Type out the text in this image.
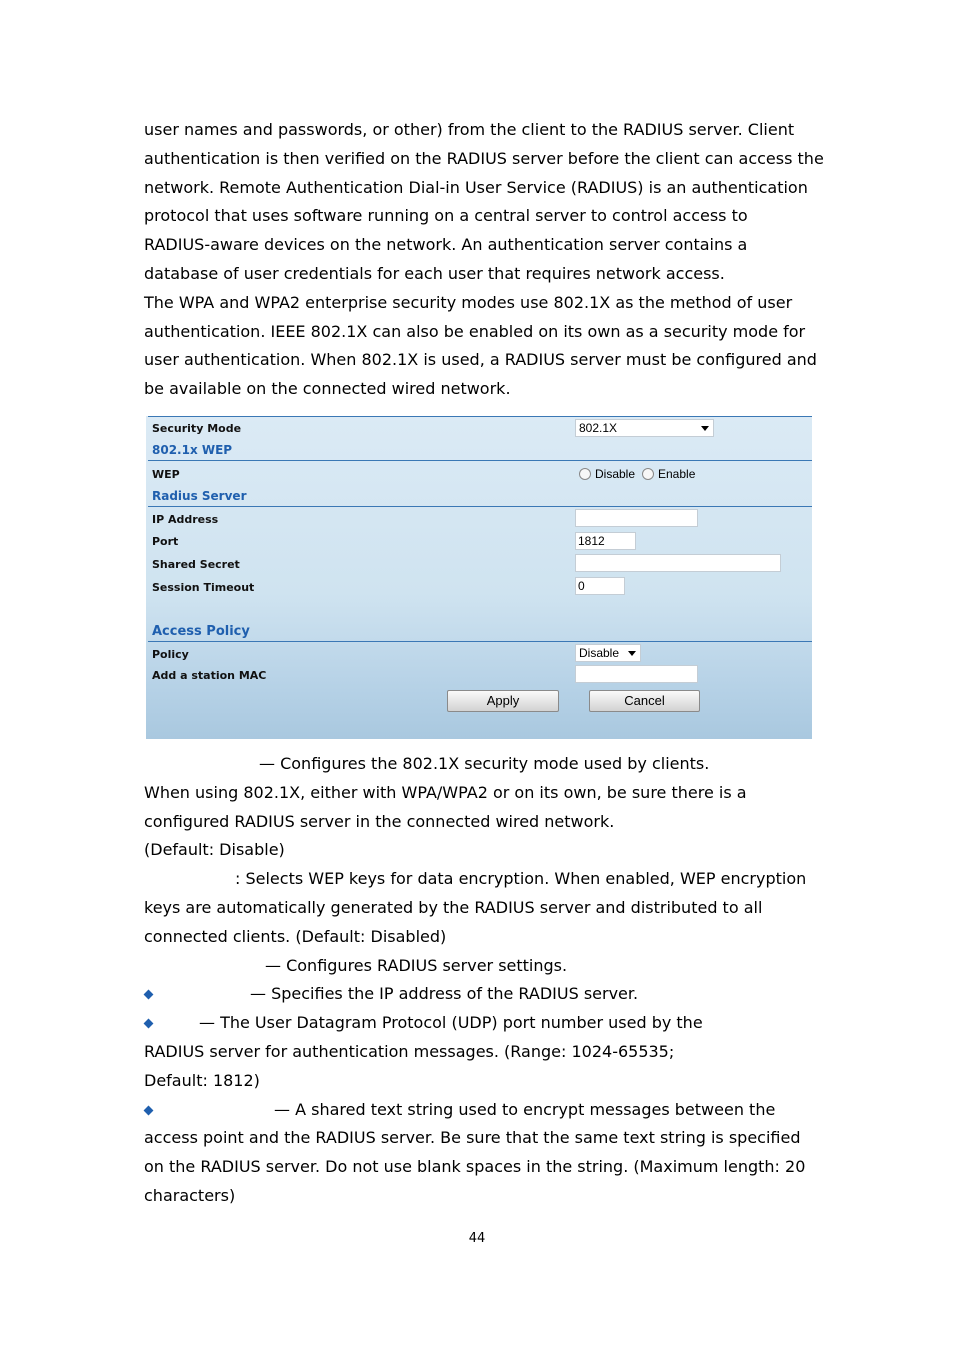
user names and passwords, or other) from the client to the RADIUS server. Client
authentication is then verified on the RADIUS server before the client can access the
network. Remote Authentication Dial-in User Service (RADIUS) is an authentication
protocol that uses software running on a central server to control access to
RADIUS-aware devices on the network. An authentication server contains a
database of user credentials for each user that requires network access.
The WPA and WPA2 enterprise security modes use 802.1X as the method of user
authentication. IEEE 802.1X can also be enabled on its own as a security mode for
user authentication. When 802.1X is used, a RADIUS server must be configured and
be available on the connected wired network.
Security Mode	802.1X
802.1x WEP
WEP	Disable Enable
Radius Server
IP Address
Port	1812
Shared Secret
Session Timeout	0
Access Policy
Policy	Disable
Add a station MAC
Apply	Cancel
— Configures the 802.1X security mode used by clients.
When using 802.1X, either with WPA/WPA2 or on its own, be sure there is a
configured RADIUS server in the connected wired network.
(Default: Disable)
: Selects WEP keys for data encryption. When enabled, WEP encryption
keys are automatically generated by the RADIUS server and distributed to all
connected clients. (Default: Disabled)
— Configures RADIUS server settings.
— Specifies the IP address of the RADIUS server.
— The User Datagram Protocol (UDP) port number used by the
RADIUS server for authentication messages. (Range: 1024-65535;
Default: 1812)
— A shared text string used to encrypt messages between the
access point and the RADIUS server. Be sure that the same text string is specified
on the RADIUS server. Do not use blank spaces in the string. (Maximum length: 20
characters)
44
